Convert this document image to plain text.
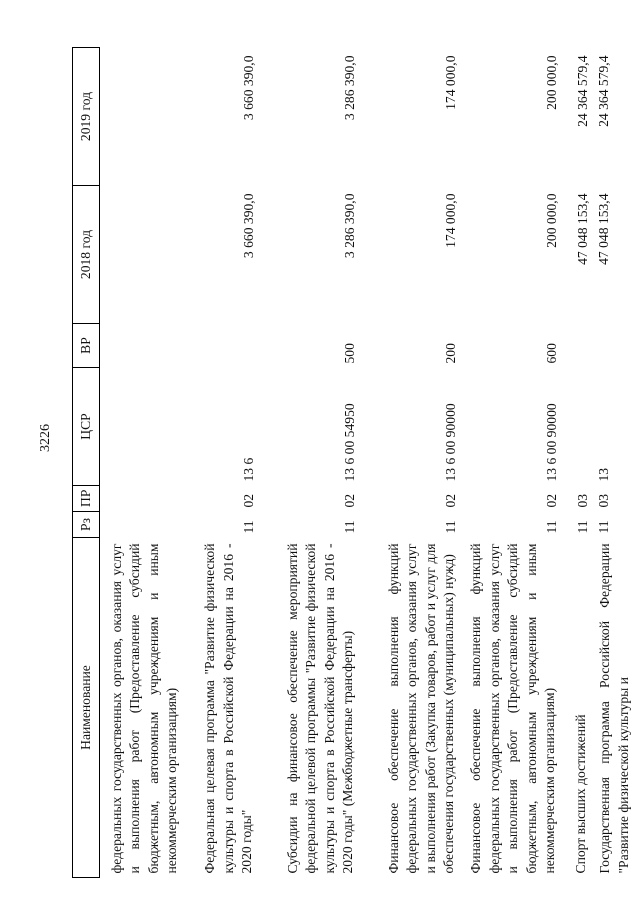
3226
Наименование	Рз	ПР	ЦСР	ВР	2018 год	2019 год
федеральных государственных органов, оказания услуг и выполнения работ (Предоставление субсидий бюджетным, автономным учреждениям и иным некоммерческим организациям)						
Федеральная целевая программа "Развитие физической культуры и спорта в Российской Федерации на 2016 - 2020 годы"	11	02	13 6		3 660 390,0	3 660 390,0
Субсидии на финансовое обеспечение мероприятий федеральной целевой программы "Развитие физической культуры и спорта в Российской Федерации на 2016 - 2020 годы" (Межбюджетные трансферты)	11	02	13 6 00 54950	500	3 286 390,0	3 286 390,0
Финансовое обеспечение выполнения функций федеральных государственных органов, оказания услуг и выполнения работ (Закупка товаров, работ и услуг для обеспечения государственных (муниципальных) нужд)	11	02	13 6 00 90000	200	174 000,0	174 000,0
Финансовое обеспечение выполнения функций федеральных государственных органов, оказания услуг и выполнения работ (Предоставление субсидий бюджетным, автономным учреждениям и иным некоммерческим организациям)	11	02	13 6 00 90000	600	200 000,0	200 000,0
Спорт высших достижений	11	03			47 048 153,4	24 364 579,4
Государственная программа Российской Федерации "Развитие физической культуры и	11	03	13		47 048 153,4	24 364 579,4
